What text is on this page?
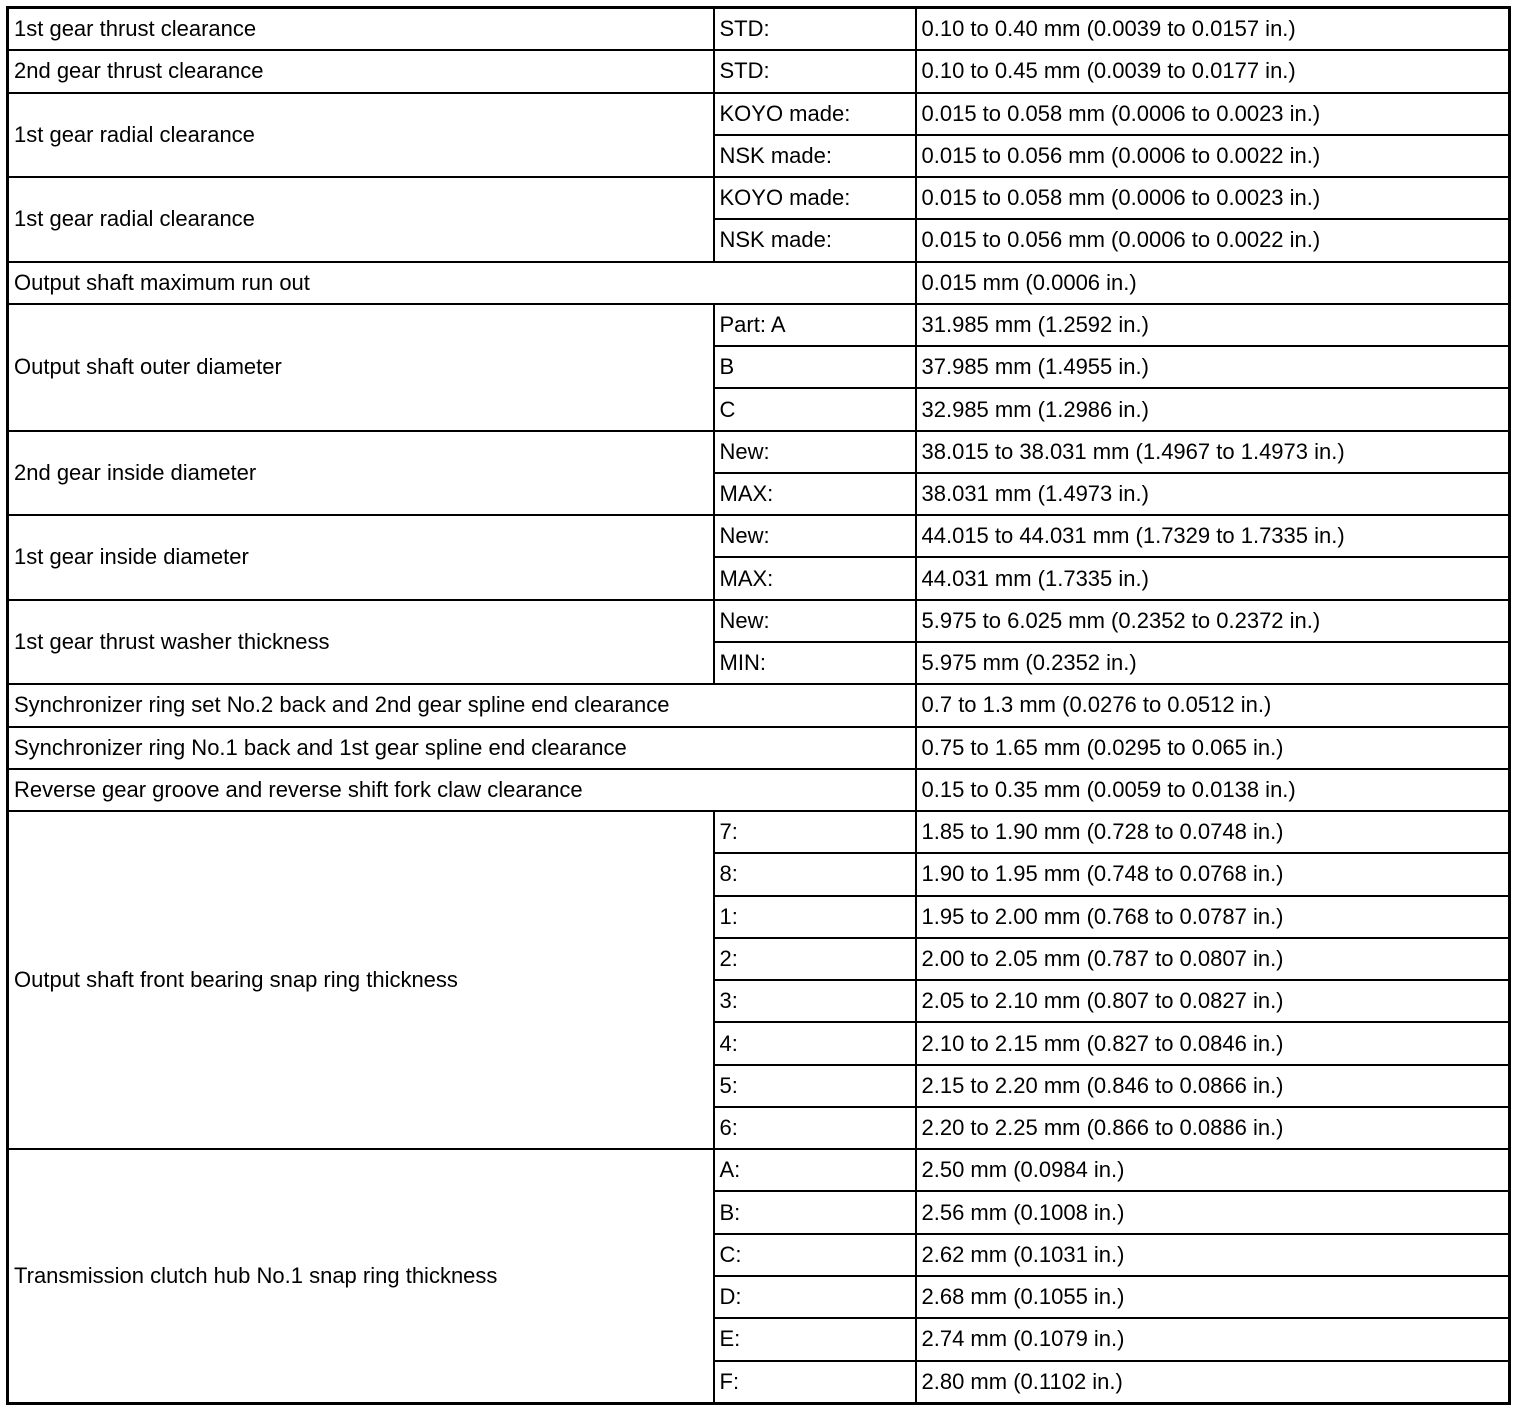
1st gear thrust clearance	STD:	0.10 to 0.40 mm (0.0039 to 0.0157 in.)
2nd gear thrust clearance	STD:	0.10 to 0.45 mm (0.0039 to 0.0177 in.)
1st gear radial clearance	KOYO made:	0.015 to 0.058 mm (0.0006 to 0.0023 in.)
	NSK made:	0.015 to 0.056 mm (0.0006 to 0.0022 in.)
1st gear radial clearance	KOYO made:	0.015 to 0.058 mm (0.0006 to 0.0023 in.)
	NSK made:	0.015 to 0.056 mm (0.0006 to 0.0022 in.)
Output shaft maximum run out		0.015 mm (0.0006 in.)
Output shaft outer diameter	Part: A	31.985 mm (1.2592 in.)
	B	37.985 mm (1.4955 in.)
	C	32.985 mm (1.2986 in.)
2nd gear inside diameter	New:	38.015 to 38.031 mm (1.4967 to 1.4973 in.)
	MAX:	38.031 mm (1.4973 in.)
1st gear inside diameter	New:	44.015 to 44.031 mm (1.7329 to 1.7335 in.)
	MAX:	44.031 mm (1.7335 in.)
1st gear thrust washer thickness	New:	5.975 to 6.025 mm (0.2352 to 0.2372 in.)
	MIN:	5.975 mm (0.2352 in.)
Synchronizer ring set No.2 back and 2nd gear spline end clearance		0.7 to 1.3 mm (0.0276 to 0.0512 in.)
Synchronizer ring No.1 back and 1st gear spline end clearance		0.75 to 1.65 mm (0.0295 to 0.065 in.)
Reverse gear groove and reverse shift fork claw clearance		0.15 to 0.35 mm (0.0059 to 0.0138 in.)
Output shaft front bearing snap ring thickness	7:	1.85 to 1.90 mm (0.728 to 0.0748 in.)
	8:	1.90 to 1.95 mm (0.748 to 0.0768 in.)
	1:	1.95 to 2.00 mm (0.768 to 0.0787 in.)
	2:	2.00 to 2.05 mm (0.787 to 0.0807 in.)
	3:	2.05 to 2.10 mm (0.807 to 0.0827 in.)
	4:	2.10 to 2.15 mm (0.827 to 0.0846 in.)
	5:	2.15 to 2.20 mm (0.846 to 0.0866 in.)
	6:	2.20 to 2.25 mm (0.866 to 0.0886 in.)
Transmission clutch hub No.1 snap ring thickness	A:	2.50 mm (0.0984 in.)
	B:	2.56 mm (0.1008 in.)
	C:	2.62 mm (0.1031 in.)
	D:	2.68 mm (0.1055 in.)
	E:	2.74 mm (0.1079 in.)
	F:	2.80 mm (0.1102 in.)
